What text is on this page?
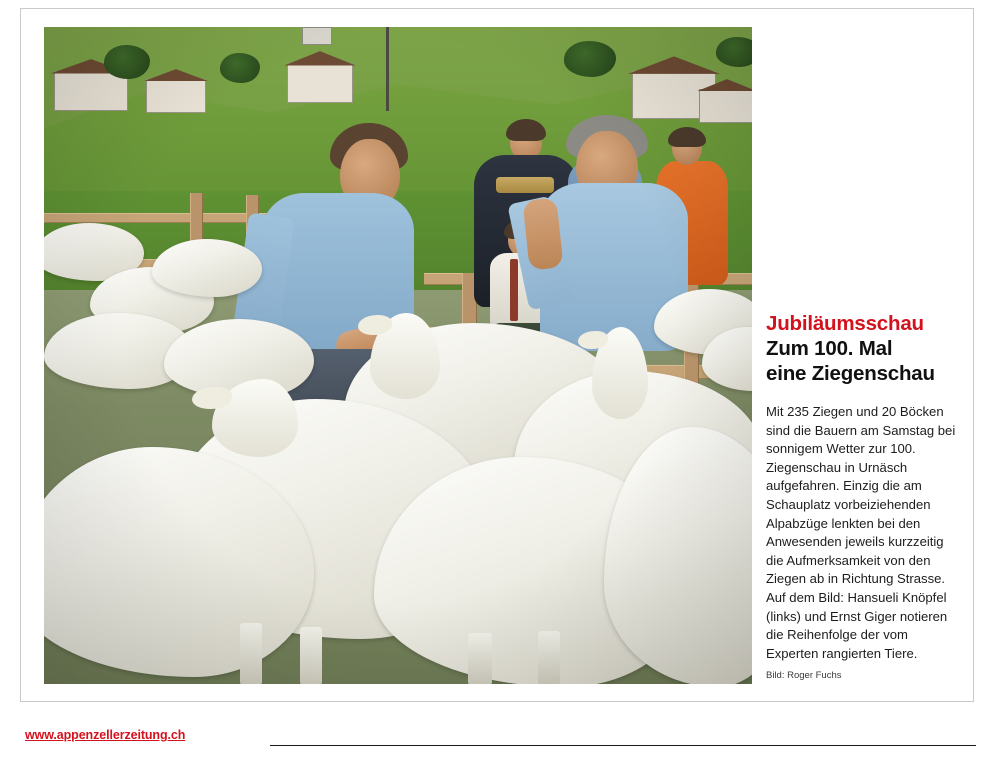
Jubiläumsschau
Zum 100. Mal
eine Ziegenschau

Mit 235 Ziegen und 20 Böcken sind die Bauern am Samstag bei sonnigem Wetter zur 100. Ziegenschau in Urnäsch aufgefahren. Einzig die am Schauplatz vorbeiziehenden Alpabzüge lenkten bei den Anwesenden jeweils kurzzeitig die Aufmerksamkeit von den Ziegen ab in Richtung Strasse. Auf dem Bild: Hansueli Knöpfel (links) und Ernst Giger notieren die Reihenfolge der vom Experten rangierten Tiere.

Bild: Roger Fuchs

www.appenzellerzeitung.ch
